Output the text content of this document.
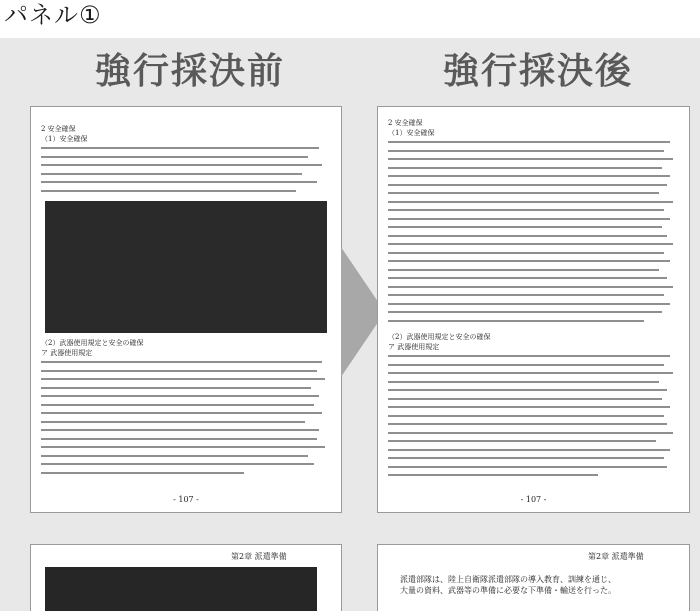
パネル①
強行採決前	強行採決後
2 安全確保
（1）安全確保
（2）武器使用規定と安全の確保
ア 武器使用規定
- 107 -
2 安全確保
（1）安全確保
（2）武器使用規定と安全の確保
ア 武器使用規定
- 107 -
第2章 派遣準備	第2章 派遣準備
派遣部隊は、陸上自衛隊派遣部隊の導入教育、訓練を通じ、
大量の資料、武器等の準備に必要な下準備・輸送を行った。
